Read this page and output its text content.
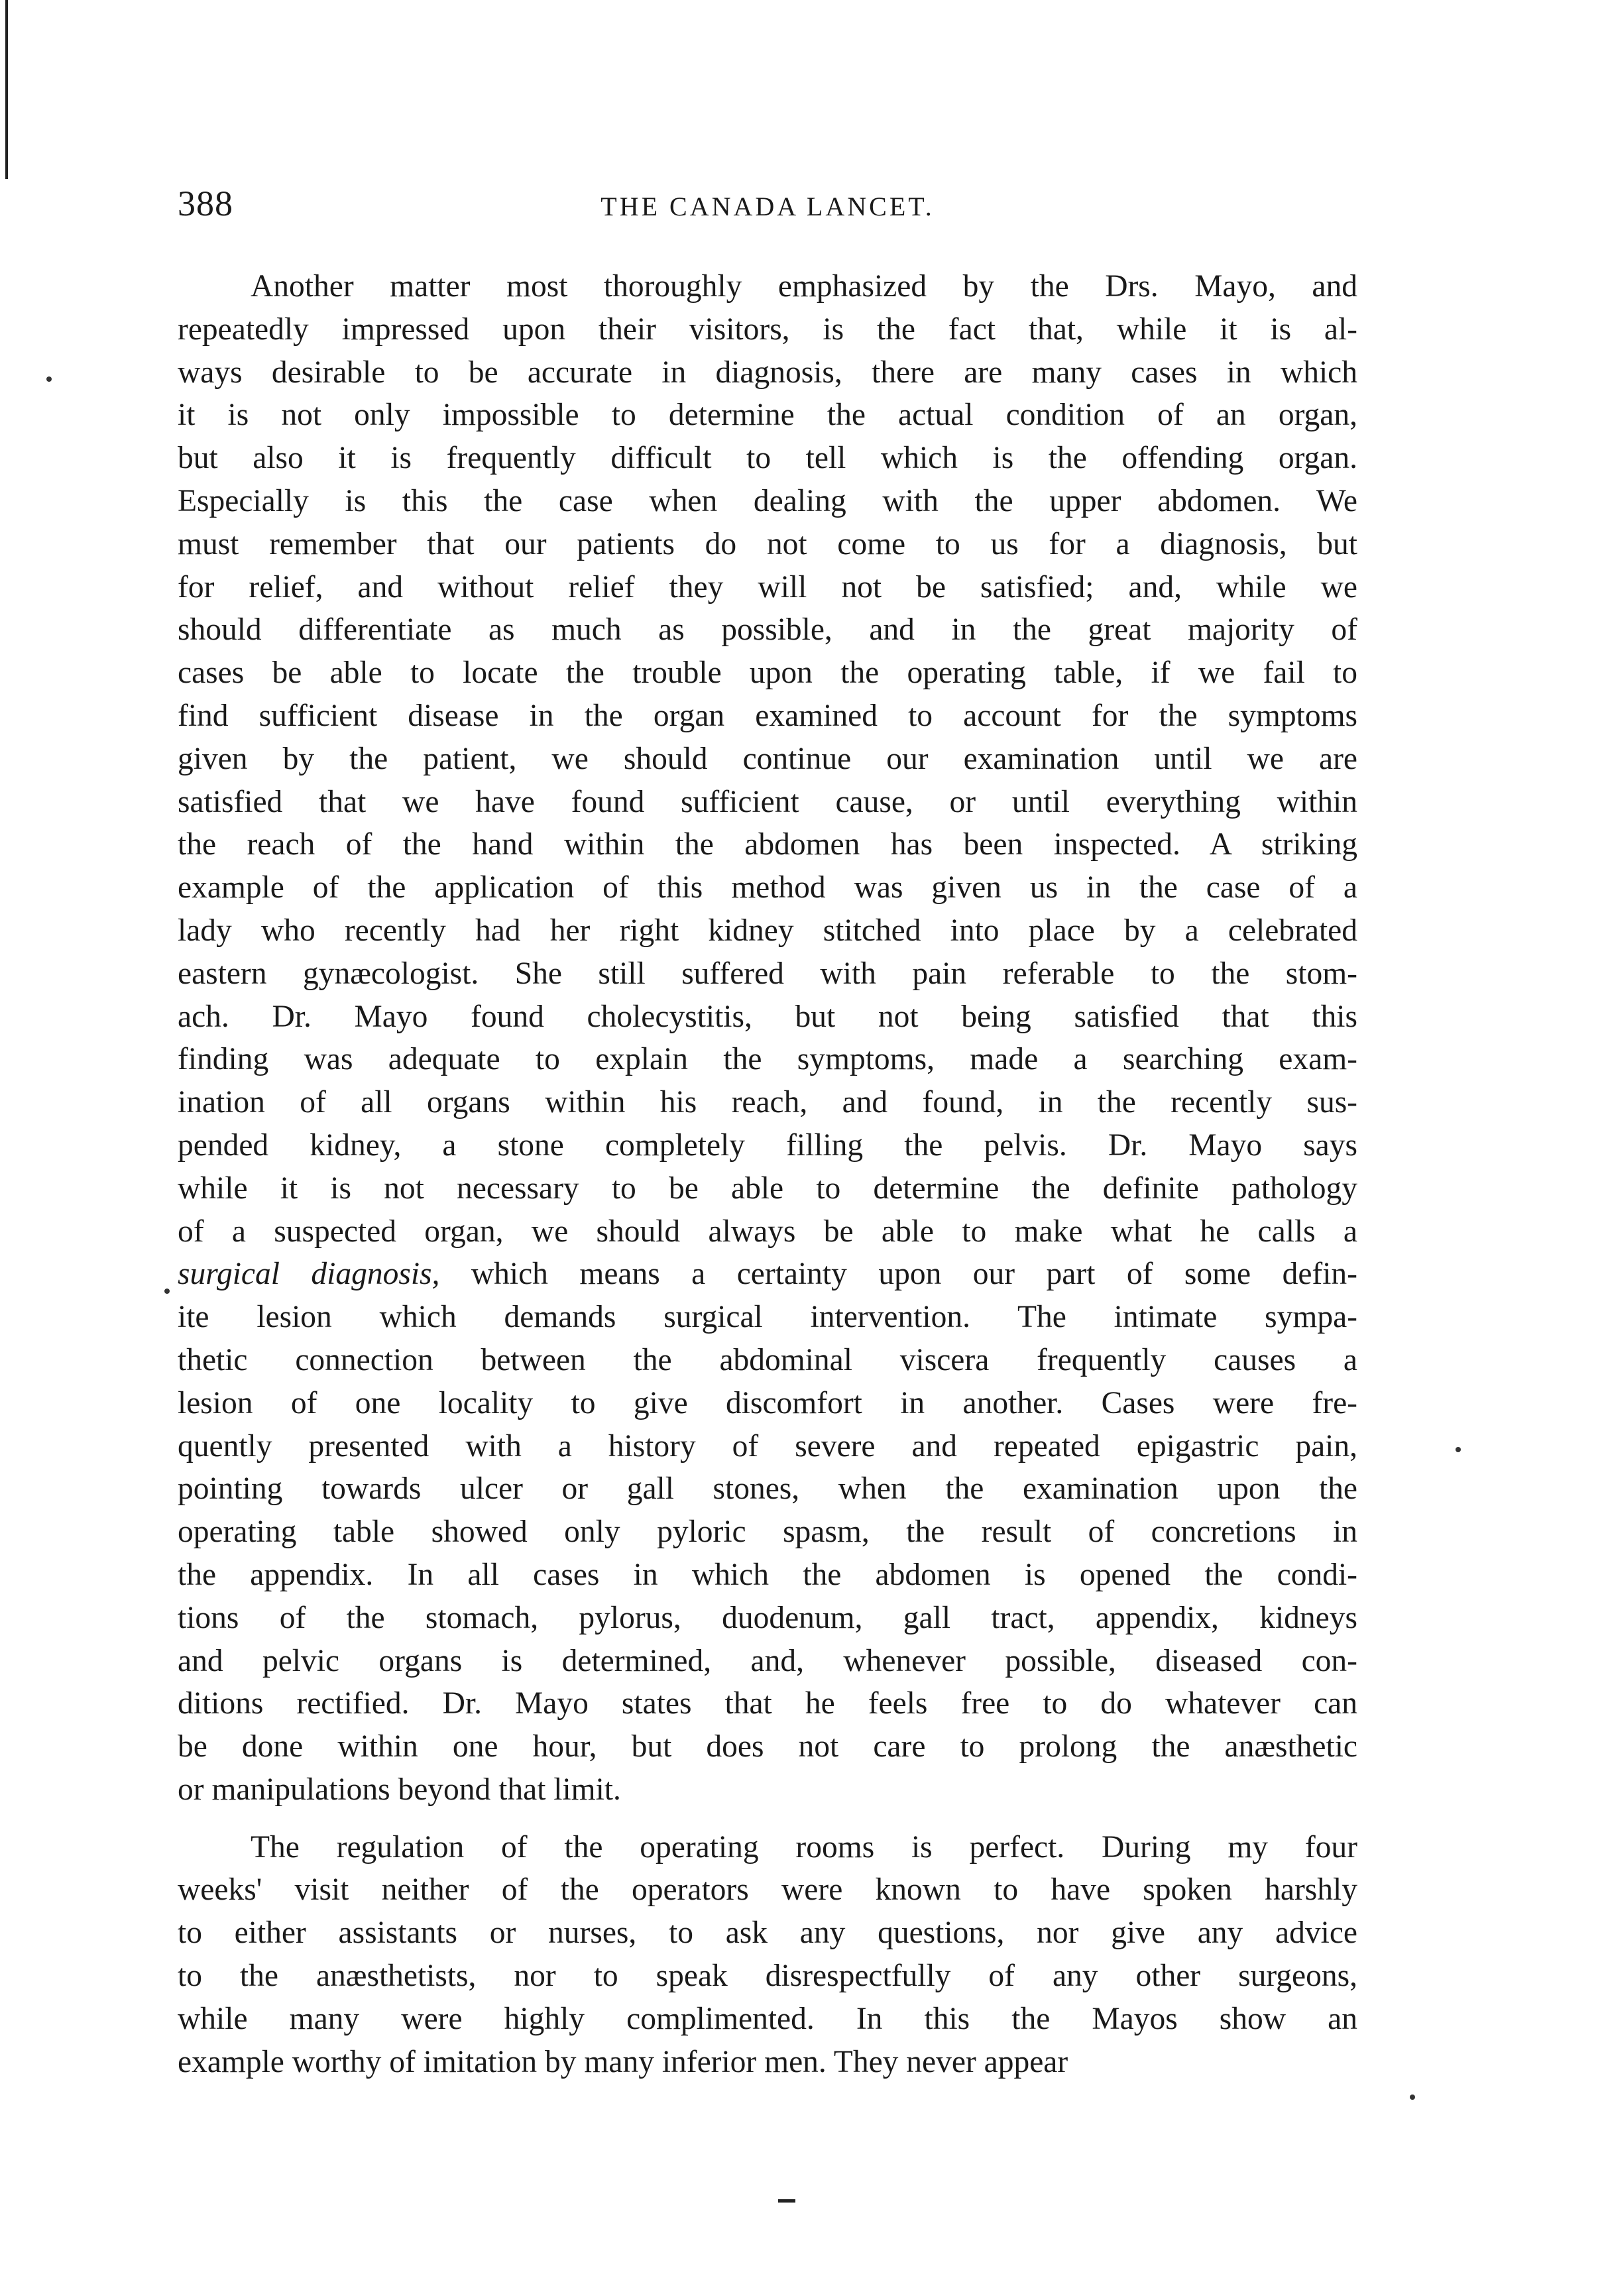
388	THE CANADA LANCET.
Another matter most thoroughly emphasized by the Drs. Mayo, and
repeatedly impressed upon their visitors, is the fact that, while it is al-
ways desirable to be accurate in diagnosis, there are many cases in which
it is not only impossible to determine the actual condition of an organ,
but also it is frequently difficult to tell which is the offending organ.
Especially is this the case when dealing with the upper abdomen. We
must remember that our patients do not come to us for a diagnosis, but
for relief, and without relief they will not be satisfied; and, while we
should differentiate as much as possible, and in the great majority of
cases be able to locate the trouble upon the operating table, if we fail to
find sufficient disease in the organ examined to account for the symptoms
given by the patient, we should continue our examination until we are
satisfied that we have found sufficient cause, or until everything within
the reach of the hand within the abdomen has been inspected. A striking
example of the application of this method was given us in the case of a
lady who recently had her right kidney stitched into place by a celebrated
eastern gynæcologist. She still suffered with pain referable to the stom-
ach. Dr. Mayo found cholecystitis, but not being satisfied that this
finding was adequate to explain the symptoms, made a searching exam-
ination of all organs within his reach, and found, in the recently sus-
pended kidney, a stone completely filling the pelvis. Dr. Mayo says
while it is not necessary to be able to determine the definite pathology
of a suspected organ, we should always be able to make what he calls a
surgical diagnosis, which means a certainty upon our part of some defin-
ite lesion which demands surgical intervention. The intimate sympa-
thetic connection between the abdominal viscera frequently causes a
lesion of one locality to give discomfort in another. Cases were fre-
quently presented with a history of severe and repeated epigastric pain,
pointing towards ulcer or gall stones, when the examination upon the
operating table showed only pyloric spasm, the result of concretions in
the appendix. In all cases in which the abdomen is opened the condi-
tions of the stomach, pylorus, duodenum, gall tract, appendix, kidneys
and pelvic organs is determined, and, whenever possible, diseased con-
ditions rectified. Dr. Mayo states that he feels free to do whatever can
be done within one hour, but does not care to prolong the anæsthetic
or manipulations beyond that limit.
The regulation of the operating rooms is perfect. During my four
weeks' visit neither of the operators were known to have spoken harshly
to either assistants or nurses, to ask any questions, nor give any advice
to the anæsthetists, nor to speak disrespectfully of any other surgeons,
while many were highly complimented. In this the Mayos show an
example worthy of imitation by many inferior men. They never appear
